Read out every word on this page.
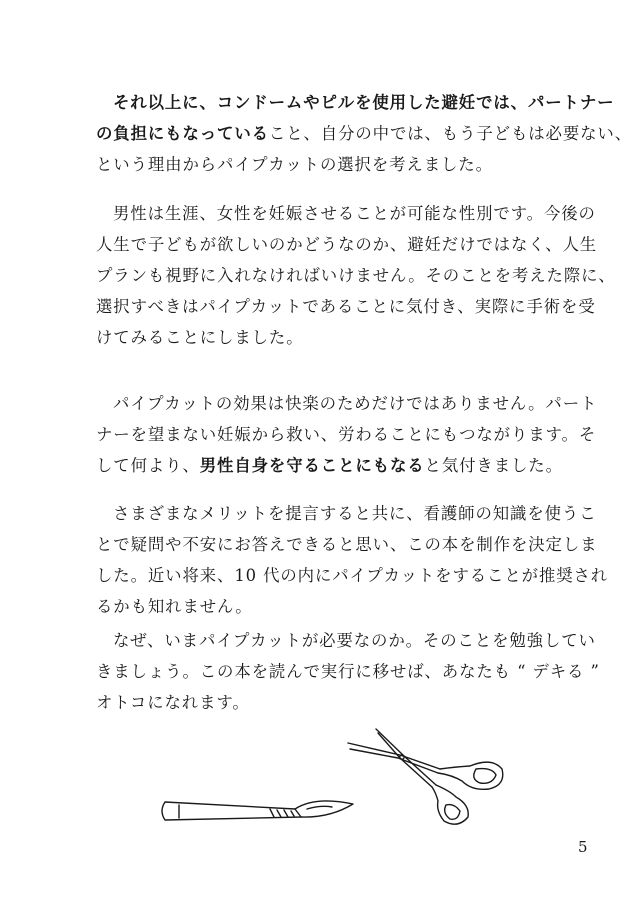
それ以上に、コンドームやピルを使用した避妊では、パートナー
の負担にもなっていること、自分の中では、もう子どもは必要ない、
という理由からパイプカットの選択を考えました。

男性は生涯、女性を妊娠させることが可能な性別です。今後の
人生で子どもが欲しいのかどうなのか、避妊だけではなく、人生
プランも視野に入れなければいけません。そのことを考えた際に、
選択すべきはパイプカットであることに気付き、実際に手術を受
けてみることにしました。

パイプカットの効果は快楽のためだけではありません。パート
ナーを望まない妊娠から救い、労わることにもつながります。そ
して何より、男性自身を守ることにもなると気付きました。

さまざまなメリットを提言すると共に、看護師の知識を使うこ
とで疑問や不安にお答えできると思い、この本を制作を決定しま
した。近い将来、10 代の内にパイプカットをすることが推奨され
るかも知れません。

なぜ、いまパイプカットが必要なのか。そのことを勉強してい
きましょう。この本を読んで実行に移せば、あなたも “ デキる ”
オトコになれます。

5
